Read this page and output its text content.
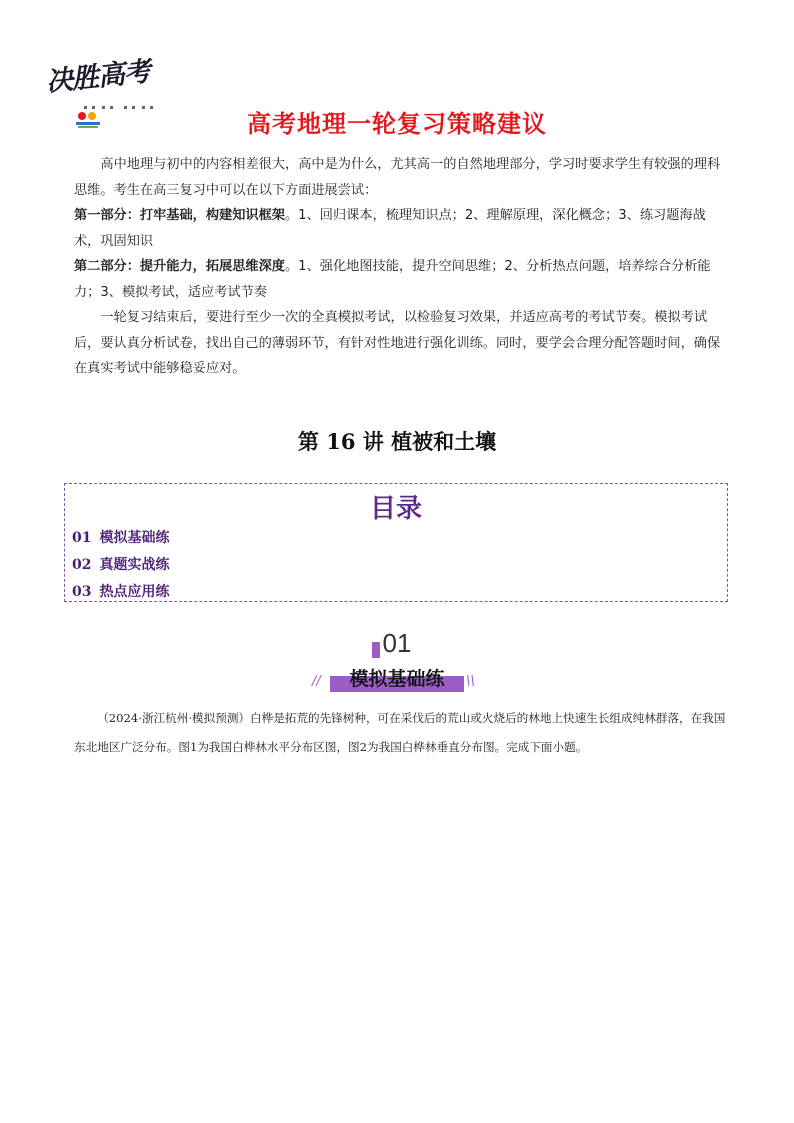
决胜高考
高考地理一轮复习策略建议

高中地理与初中的内容相差很大，高中是为什么，尤其高一的自然地理部分，学习时要求学生有较强的理科思维。考生在高三复习中可以在以下方面进展尝试：

第一部分：打牢基础，构建知识框架。1、回归课本，梳理知识点；2、理解原理，深化概念；3、练习题海战术，巩固知识

第二部分：提升能力，拓展思维深度。1、强化地图技能，提升空间思维；2、分析热点问题，培养综合分析能力；3、模拟考试，适应考试节奏

一轮复习结束后，要进行至少一次的全真模拟考试，以检验复习效果，并适应高考的考试节奏。模拟考试后，要认真分析试卷，找出自己的薄弱环节，有针对性地进行强化训练。同时，要学会合理分配答题时间，确保在真实考试中能够稳妥应对。

第 16 讲 植被和土壤
目录
01 模拟基础练
02 真题实战练
03 热点应用练
01
//	模拟基础练	\\

（2024·浙江杭州·模拟预测）白桦是拓荒的先锋树种，可在采伐后的荒山或火烧后的林地上快速生长组成纯林群落，在我国东北地区广泛分布。图1为我国白桦林水平分布区图，图2为我国白桦林垂直分布图。完成下面小题。
